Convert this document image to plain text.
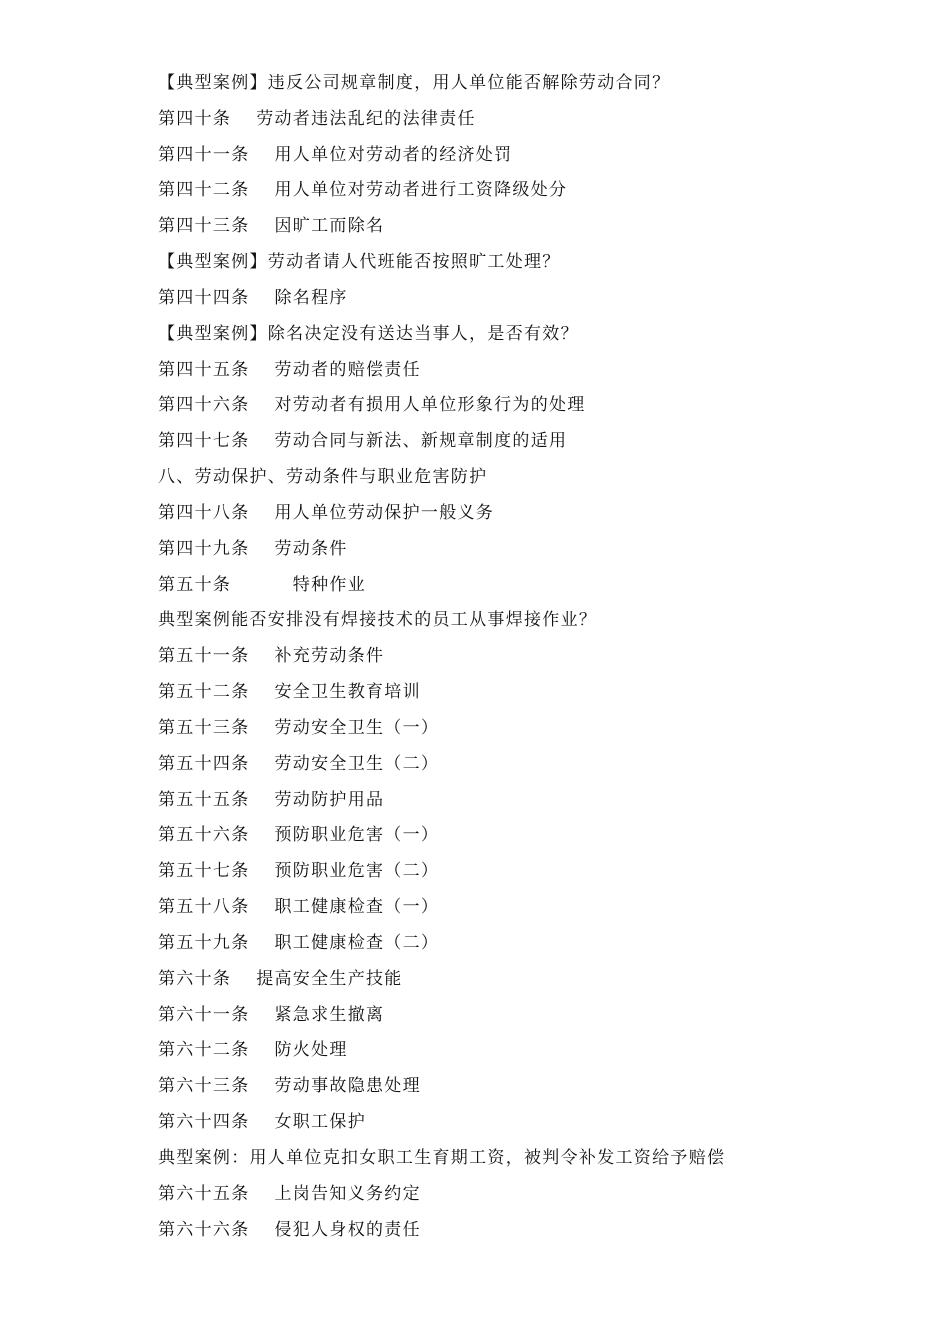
【典型案例】违反公司规章制度，用人单位能否解除劳动合同？
第四十条　 劳动者违法乱纪的法律责任
第四十一条　 用人单位对劳动者的经济处罚
第四十二条　 用人单位对劳动者进行工资降级处分
第四十三条　 因旷工而除名
【典型案例】劳动者请人代班能否按照旷工处理？
第四十四条　 除名程序
【典型案例】除名决定没有送达当事人，是否有效？
第四十五条　 劳动者的赔偿责任
第四十六条　 对劳动者有损用人单位形象行为的处理
第四十七条　 劳动合同与新法、新规章制度的适用
八、劳动保护、劳动条件与职业危害防护
第四十八条　 用人单位劳动保护一般义务
第四十九条　 劳动条件
第五十条　　　 特种作业
典型案例能否安排没有焊接技术的员工从事焊接作业？
第五十一条　 补充劳动条件
第五十二条　 安全卫生教育培训
第五十三条　 劳动安全卫生（一）
第五十四条　 劳动安全卫生（二）
第五十五条　 劳动防护用品
第五十六条　 预防职业危害（一）
第五十七条　 预防职业危害（二）
第五十八条　 职工健康检查（一）
第五十九条　 职工健康检查（二）
第六十条　 提高安全生产技能
第六十一条　 紧急求生撤离
第六十二条　 防火处理
第六十三条　 劳动事故隐患处理
第六十四条　 女职工保护
典型案例：用人单位克扣女职工生育期工资，被判令补发工资给予赔偿
第六十五条　 上岗告知义务约定
第六十六条　 侵犯人身权的责任
